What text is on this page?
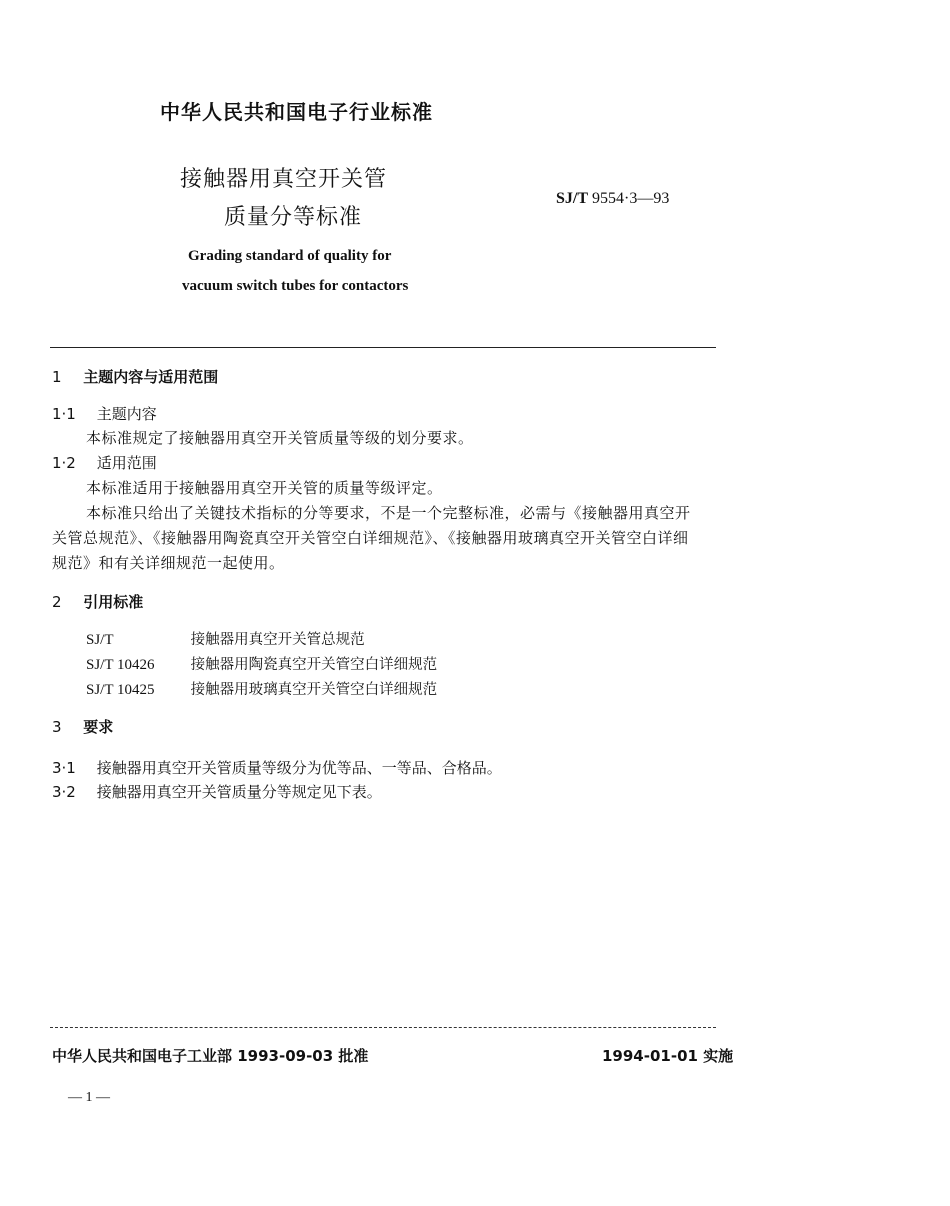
中华人民共和国电子行业标准
接触器用真空开关管
质量分等标准
SJ/T 9554·3—93
Grading standard of quality for
vacuum switch tubes for contactors
1 主题内容与适用范围
1·1 主题内容
本标准规定了接触器用真空开关管质量等级的划分要求。
1·2 适用范围
本标准适用于接触器用真空开关管的质量等级评定。
本标准只给出了关键技术指标的分等要求，不是一个完整标准，必需与《接触器用真空开
关管总规范》、《接触器用陶瓷真空开关管空白详细规范》、《接触器用玻璃真空开关管空白详细
规范》和有关详细规范一起使用。
2 引用标准
SJ/T	接触器用真空开关管总规范
SJ/T 10426 接触器用陶瓷真空开关管空白详细规范
SJ/T 10425 接触器用玻璃真空开关管空白详细规范
3 要求
3·1 接触器用真空开关管质量等级分为优等品、一等品、合格品。
3·2 接触器用真空开关管质量分等规定见下表。
中华人民共和国电子工业部 1993-09-03 批准	1994-01-01 实施
— 1 —
